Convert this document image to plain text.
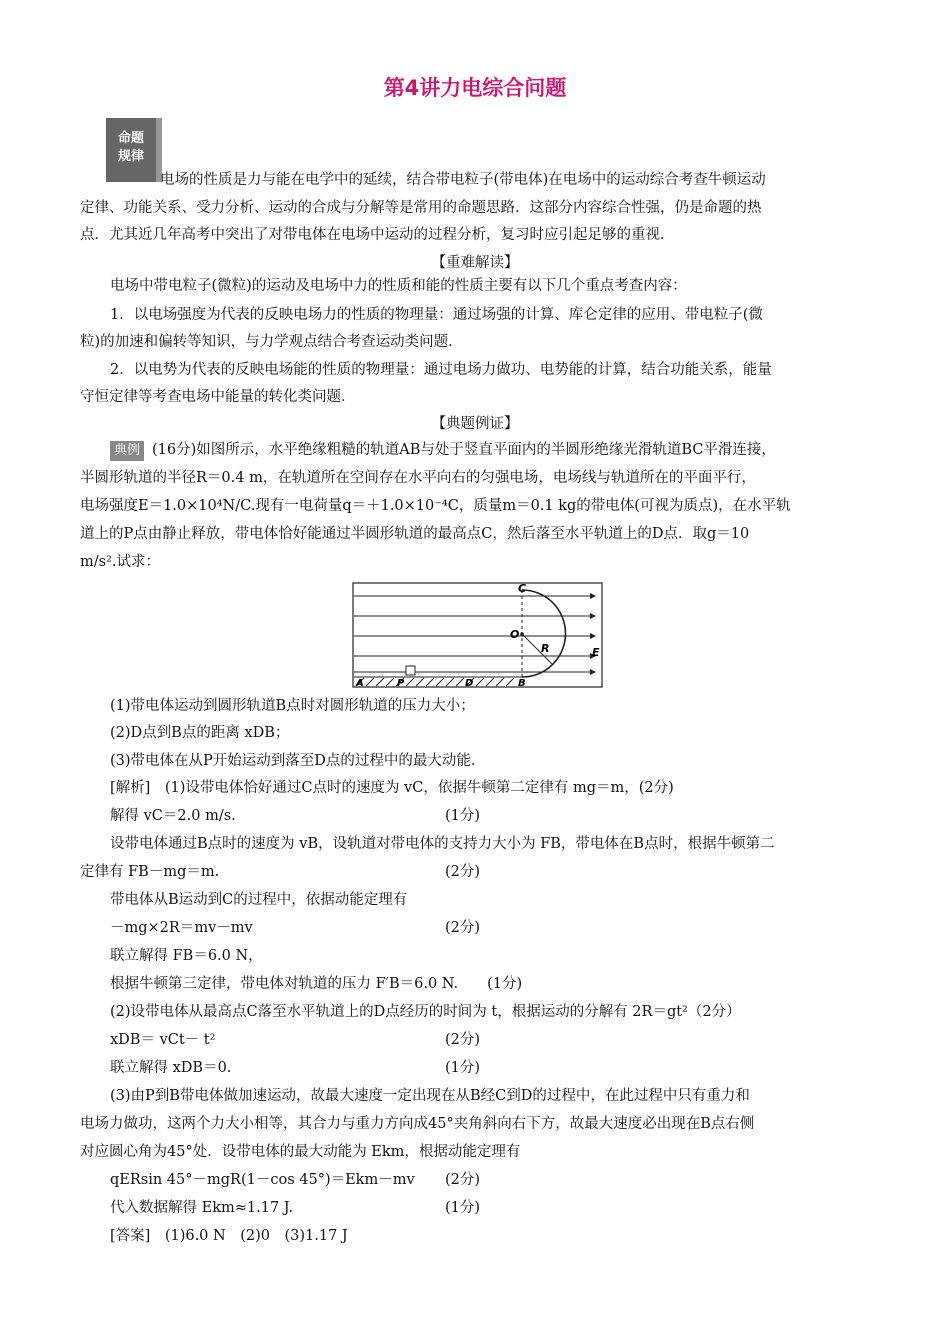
第4讲力电综合问题
命题
规律
电场的性质是力与能在电学中的延续，结合带电粒子(带电体)在电场中的运动综合考查牛顿运动
定律、功能关系、受力分析、运动的合成与分解等是常用的命题思路．这部分内容综合性强，仍是命题的热
点．尤其近几年高考中突出了对带电体在电场中运动的过程分析，复习时应引起足够的重视．
【重难解读】
电场中带电粒子(微粒)的运动及电场中力的性质和能的性质主要有以下几个重点考查内容：
1．以电场强度为代表的反映电场力的性质的物理量：通过场强的计算、库仑定律的应用、带电粒子(微
粒)的加速和偏转等知识，与力学观点结合考查运动类问题．
2．以电势为代表的反映电场能的性质的物理量：通过电场力做功、电势能的计算，结合功能关系，能量
守恒定律等考查电场中能量的转化类问题．
【典题例证】
典例 (16分)如图所示，水平绝缘粗糙的轨道AB与处于竖直平面内的半圆形绝缘光滑轨道BC平滑连接，
半圆形轨道的半径R＝0.4 m，在轨道所在空间存在水平向右的匀强电场，电场线与轨道所在的平面平行，
电场强度E＝1.0×10⁴N/C.现有一电荷量q＝＋1.0×10⁻⁴C，质量m＝0.1 kg的带电体(可视为质点)，在水平轨
道上的P点由静止释放，带电体恰好能通过半圆形轨道的最高点C，然后落至水平轨道上的D点．取g＝10
m/s².试求：
C
O
R	E
A	P	D	B
(1)带电体运动到圆形轨道B点时对圆形轨道的压力大小；
(2)D点到B点的距离 xDB；
(3)带电体在从P开始运动到落至D点的过程中的最大动能．
[解析]　(1)设带电体恰好通过C点时的速度为 vC，依据牛顿第二定律有 mg＝m，(2分)
解得 vC＝2.0 m/s.	(1分)
设带电体通过B点时的速度为 vB，设轨道对带电体的支持力大小为 FB，带电体在B点时，根据牛顿第二
定律有 FB－mg＝m.	(2分)
带电体从B运动到C的过程中，依据动能定理有
－mg×2R＝mv－mv	(2分)
联立解得 FB＝6.0 N，
根据牛顿第三定律，带电体对轨道的压力 F′B＝6.0 N.　　(1分)
(2)设带电体从最高点C落至水平轨道上的D点经历的时间为 t，根据运动的分解有 2R＝gt²（2分）
xDB＝ vCt－ t²	(2分)
联立解得 xDB＝0.	(1分)
(3)由P到B带电体做加速运动，故最大速度一定出现在从B经C到D的过程中，在此过程中只有重力和
电场力做功，这两个力大小相等，其合力与重力方向成45°夹角斜向右下方，故最大速度必出现在B点右侧
对应圆心角为45°处．设带电体的最大动能为 Ekm，根据动能定理有
qERsin 45°－mgR(1－cos 45°)＝Ekm－mv (2分)
代入数据解得 Ekm≈1.17 J.	(1分)
[答案]　(1)6.0 N　(2)0　(3)1.17 J
